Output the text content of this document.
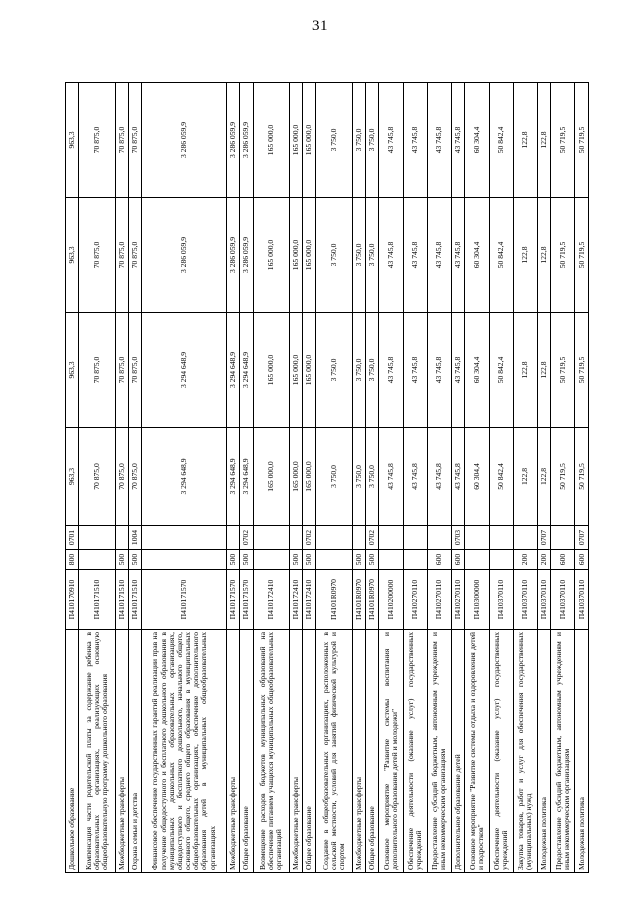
31
Дошкольное образование	П410170910	800	0701	963,3	963,3	963,3	963,3
Компенсация части родительской платы за содержание ребенка в образовательных организациях, реализующих основную общеобразовательную программу дошкольного образования	П410171510			70 875,0	70 875,0	70 875,0	70 875,0
Межбюджетные трансферты	П410171510	500		70 875,0	70 875,0	70 875,0	70 875,0
Охрана семьи и детства	П410171510	500	1004	70 875,0	70 875,0	70 875,0	70 875,0
Финансовое обеспечение государственных гарантий реализации прав на получение общедоступного и бесплатного дошкольного образования в муниципальных дошкольных образовательных организациях, общедоступного и бесплатного дошкольного, начального общего, основного общего, среднего общего образования в муниципальных общеобразовательных организациях, обеспечение дополнительного образования детей в муниципальных общеобразовательных организациях	П410171570			3 294 648,9	3 294 648,9	3 286 059,9	3 286 059,9
Межбюджетные трансферты	П410171570	500		3 294 648,9	3 294 648,9	3 286 059,9	3 286 059,9
Общее образование	П410171570	500	0702	3 294 648,9	3 294 648,9	3 286 059,9	3 286 059,9
Возмещение расходов бюджетов муниципальных образований на обеспечение питанием учащихся муниципальных общеобразовательных организаций	П410172410			165 000,0	165 000,0	165 000,0	165 000,0
Межбюджетные трансферты	П410172410	500		165 000,0	165 000,0	165 000,0	165 000,0
Общее образование	П410172410	500	0702	165 000,0	165 000,0	165 000,0	165 000,0
Создание в общеобразовательных организациях, расположенных в сельской местности, условий для занятий физической культурой и спортом	П4101R0970			3 750,0	3 750,0	3 750,0	3 750,0
Межбюджетные трансферты	П4101R0970	500		3 750,0	3 750,0	3 750,0	3 750,0
Общее образование	П4101R0970	500	0702	3 750,0	3 750,0	3 750,0	3 750,0
Основное мероприятие "Развитие системы воспитания и дополнительного образования детей и молодежи"	П410200000			43 745,8	43 745,8	43 745,8	43 745,8
Обеспечение деятельности (оказание услуг) государственных учреждений	П410270110			43 745,8	43 745,8	43 745,8	43 745,8
Предоставление субсидий бюджетным, автономным учреждениям и иным некоммерческим организациям	П410270110	600		43 745,8	43 745,8	43 745,8	43 745,8
Дополнительное образование детей	П410270110	600	0703	43 745,8	43 745,8	43 745,8	43 745,8
Основное мероприятие "Развитие системы отдыха и оздоровления детей и подростков"	П410300000			60 304,4	60 304,4	60 304,4	60 304,4
Обеспечение деятельности (оказание услуг) государственных учреждений	П410370110			50 842,4	50 842,4	50 842,4	50 842,4
Закупка товаров, работ и услуг для обеспечения государственных (муниципальных) нужд	П410370110	200		122,8	122,8	122,8	122,8
Молодежная политика	П410370110	200	0707	122,8	122,8	122,8	122,8
Предоставление субсидий бюджетным, автономным учреждениям и иным некоммерческим организациям	П410370110	600		50 719,5	50 719,5	50 719,5	50 719,5
Молодежная политика	П410370110	600	0707	50 719,5	50 719,5	50 719,5	50 719,5
